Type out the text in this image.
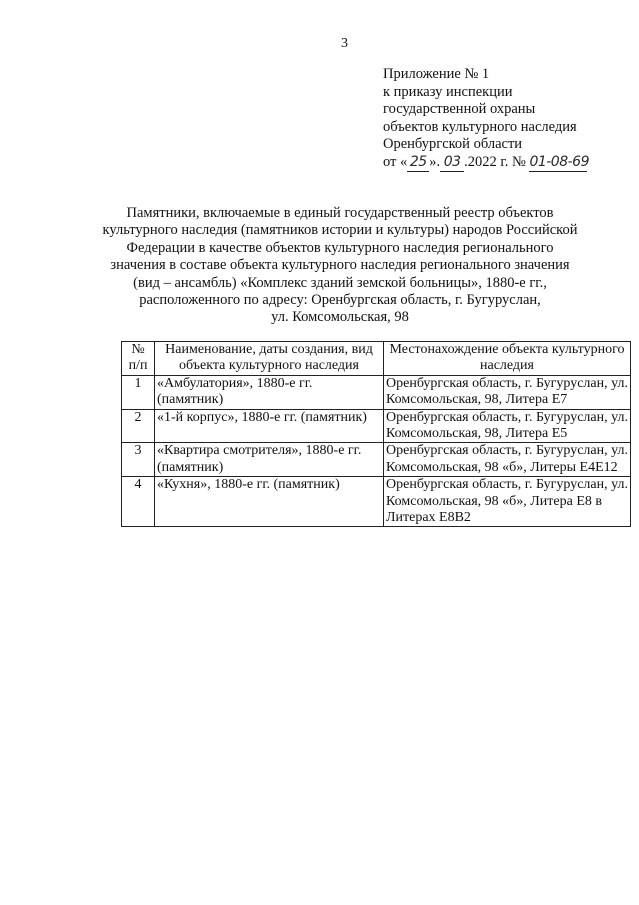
3
Приложение № 1
к приказу инспекции
государственной охраны
объектов культурного наследия
Оренбургской области
от « 25 ». 03 .2022 г. № 01-08-69
Памятники, включаемые в единый государственный реестр объектов
культурного наследия (памятников истории и культуры) народов Российской
Федерации в качестве объектов культурного наследия регионального
значения в составе объекта культурного наследия регионального значения
(вид – ансамбль) «Комплекс зданий земской больницы», 1880-е гг.,
расположенного по адресу: Оренбургская область, г. Бугуруслан,
ул. Комсомольская, 98
№ п/п	Наименование, даты создания, вид объекта культурного наследия	Местонахождение объекта культурного наследия
1	«Амбулатория», 1880-е гг. (памятник)	Оренбургская область, г. Бугуруслан, ул. Комсомольская, 98, Литера Е7
2	«1-й корпус», 1880-е гг. (памятник)	Оренбургская область, г. Бугуруслан, ул. Комсомольская, 98, Литера Е5
3	«Квартира смотрителя», 1880-е гг. (памятник)	Оренбургская область, г. Бугуруслан, ул. Комсомольская, 98 «б», Литеры Е4Е12
4	«Кухня», 1880-е гг. (памятник)	Оренбургская область, г. Бугуруслан, ул. Комсомольская, 98 «б», Литера Е8 в Литерах Е8В2
